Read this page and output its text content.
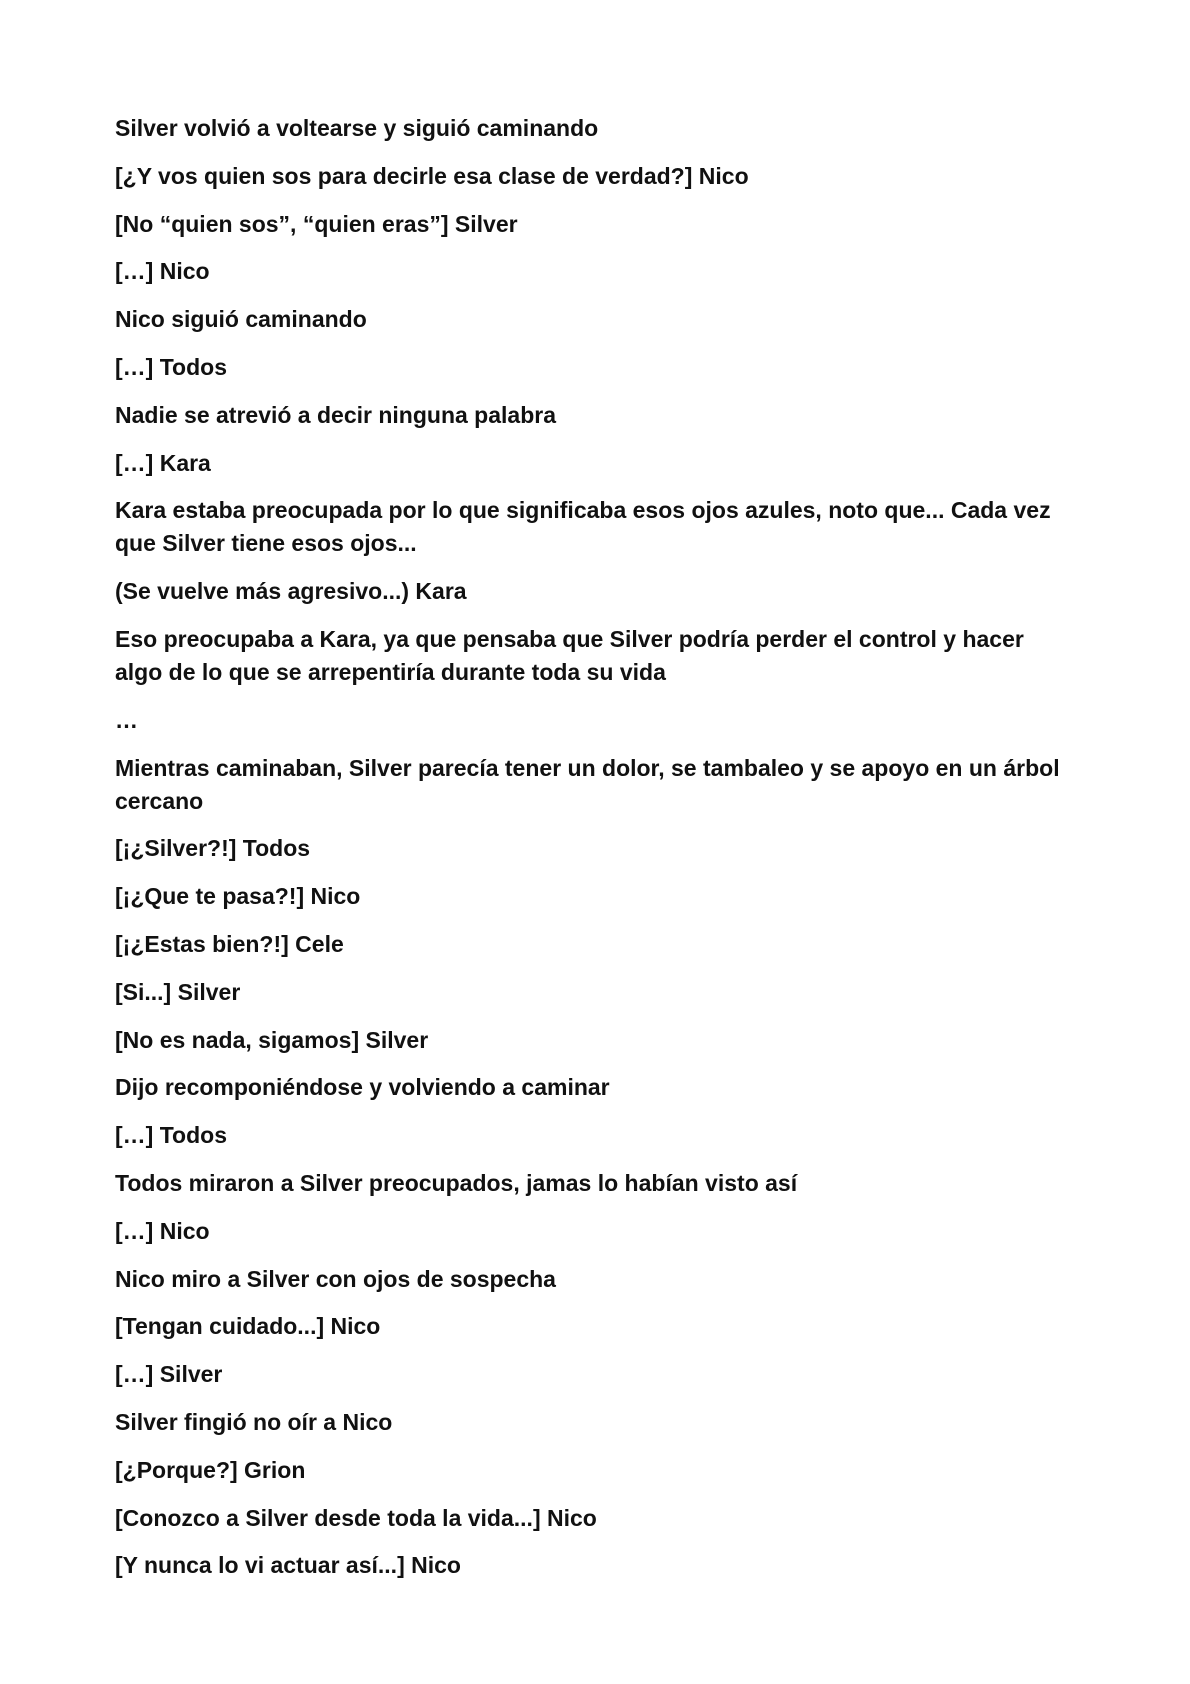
Silver volvió a voltearse y siguió caminando

[¿Y vos quien sos para decirle esa clase de verdad?] Nico

[No “quien sos”, “quien eras”] Silver

[…] Nico

Nico siguió caminando

[…] Todos

Nadie se atrevió a decir ninguna palabra

[…] Kara

Kara estaba preocupada por lo que significaba esos ojos azules, noto que... Cada vez que Silver tiene esos ojos...

(Se vuelve más agresivo...) Kara

Eso preocupaba a Kara, ya que pensaba que Silver podría perder el control y hacer algo de lo que se arrepentiría durante toda su vida

…

Mientras caminaban, Silver parecía tener un dolor, se tambaleo y se apoyo en un árbol cercano

[¡¿Silver?!] Todos

[¡¿Que te pasa?!] Nico

[¡¿Estas bien?!] Cele

[Si...] Silver

[No es nada, sigamos] Silver

Dijo recomponiéndose y volviendo a caminar

[…] Todos

Todos miraron a Silver preocupados, jamas lo habían visto así

[…] Nico

Nico miro a Silver con ojos de sospecha

[Tengan cuidado...] Nico

[…] Silver

Silver fingió no oír a Nico

[¿Porque?] Grion

[Conozco a Silver desde toda la vida...] Nico

[Y nunca lo vi actuar así...] Nico
